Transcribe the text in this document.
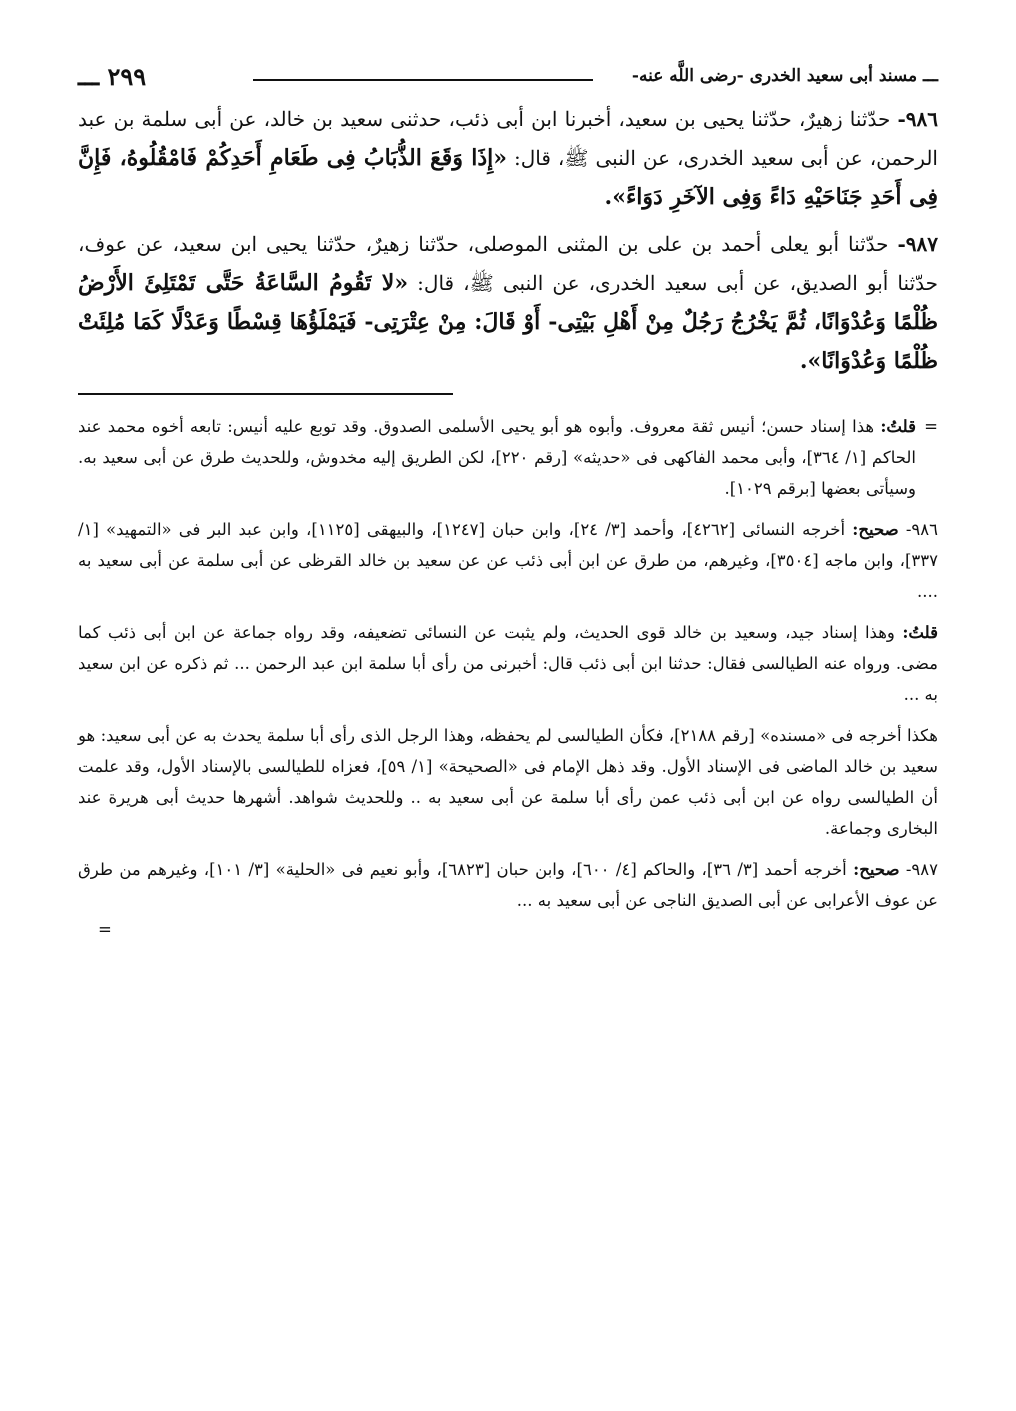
ـــ مسند أبى سعيد الخدرى -رضى اللَّه عنه-
٢٩٩ ـــ

٩٨٦- حدّثنا زهيرٌ، حدّثنا يحيى بن سعيد، أخبرنا ابن أبى ذئب، حدثنى سعيد بن خالد، عن أبى سلمة بن عبد الرحمن، عن أبى سعيد الخدرى، عن النبى ﷺ، قال: «إِذَا وَقَعَ الذُّبَابُ فِى طَعَامِ أَحَدِكُمْ فَامْقُلُوهُ، فَإِنَّ فِى أَحَدِ جَنَاحَيْهِ دَاءً وَفِى الآخَرِ دَوَاءً».

٩٨٧- حدّثنا أبو يعلى أحمد بن على بن المثنى الموصلى، حدّثنا زهيرٌ، حدّثنا يحيى ابن سعيد، عن عوف، حدّثنا أبو الصديق، عن أبى سعيد الخدرى، عن النبى ﷺ، قال: «لا تَقُومُ السَّاعَةُ حَتَّى تَمْتَلِئَ الأَرْضُ ظُلْمًا وَعُدْوَانًا، ثُمَّ يَخْرُجُ رَجُلٌ مِنْ أَهْلِ بَيْتِى- أَوْ قَالَ: مِنْ عِتْرَتِى- فَيَمْلَؤُهَا قِسْطًا وَعَدْلًا كَمَا مُلِئَتْ ظُلْمًا وَعُدْوَانًا».

=
قلتُ: هذا إسناد حسن؛ أنيس ثقة معروف. وأبوه هو أبو يحيى الأسلمى الصدوق. وقد توبع عليه أنيس: تابعه أخوه محمد عند الحاكم [١/ ٣٦٤]، وأبى محمد الفاكهى فى «حديثه» [رقم ٢٢٠]، لكن الطريق إليه مخدوش، وللحديث طرق عن أبى سعيد به. وسيأتى بعضها [برقم ١٠٢٩].

٩٨٦- صحيح: أخرجه النسائى [٤٢٦٢]، وأحمد [٣/ ٢٤]، وابن حبان [١٢٤٧]، والبيهقى [١١٢٥]، وابن عبد البر فى «التمهيد» [١/ ٣٣٧]، وابن ماجه [٣٥٠٤]، وغيرهم، من طرق عن ابن أبى ذئب عن عن سعيد بن خالد القرظى عن أبى سلمة عن أبى سعيد به ....

قلتُ: وهذا إسناد جيد، وسعيد بن خالد قوى الحديث، ولم يثبت عن النسائى تضعيفه، وقد رواه جماعة عن ابن أبى ذئب كما مضى. ورواه عنه الطيالسى فقال: حدثنا ابن أبى ذئب قال: أخبرنى من رأى أبا سلمة ابن عبد الرحمن ... ثم ذكره عن ابن سعيد به ...

هكذا أخرجه فى «مسنده» [رقم ٢١٨٨]، فكأن الطيالسى لم يحفظه، وهذا الرجل الذى رأى أبا سلمة يحدث به عن أبى سعيد: هو سعيد بن خالد الماضى فى الإسناد الأول. وقد ذهل الإمام فى «الصحيحة» [١/ ٥٩]، فعزاه للطيالسى بالإسناد الأول، وقد علمت أن الطيالسى رواه عن ابن أبى ذئب عمن رأى أبا سلمة عن أبى سعيد به .. وللحديث شواهد. أشهرها حديث أبى هريرة عند البخارى وجماعة.

٩٨٧- صحيح: أخرجه أحمد [٣/ ٣٦]، والحاكم [٤/ ٦٠٠]، وابن حبان [٦٨٢٣]، وأبو نعيم فى «الحلية» [٣/ ١٠١]، وغيرهم من طرق عن عوف الأعرابى عن أبى الصديق الناجى عن أبى سعيد به ...

=
